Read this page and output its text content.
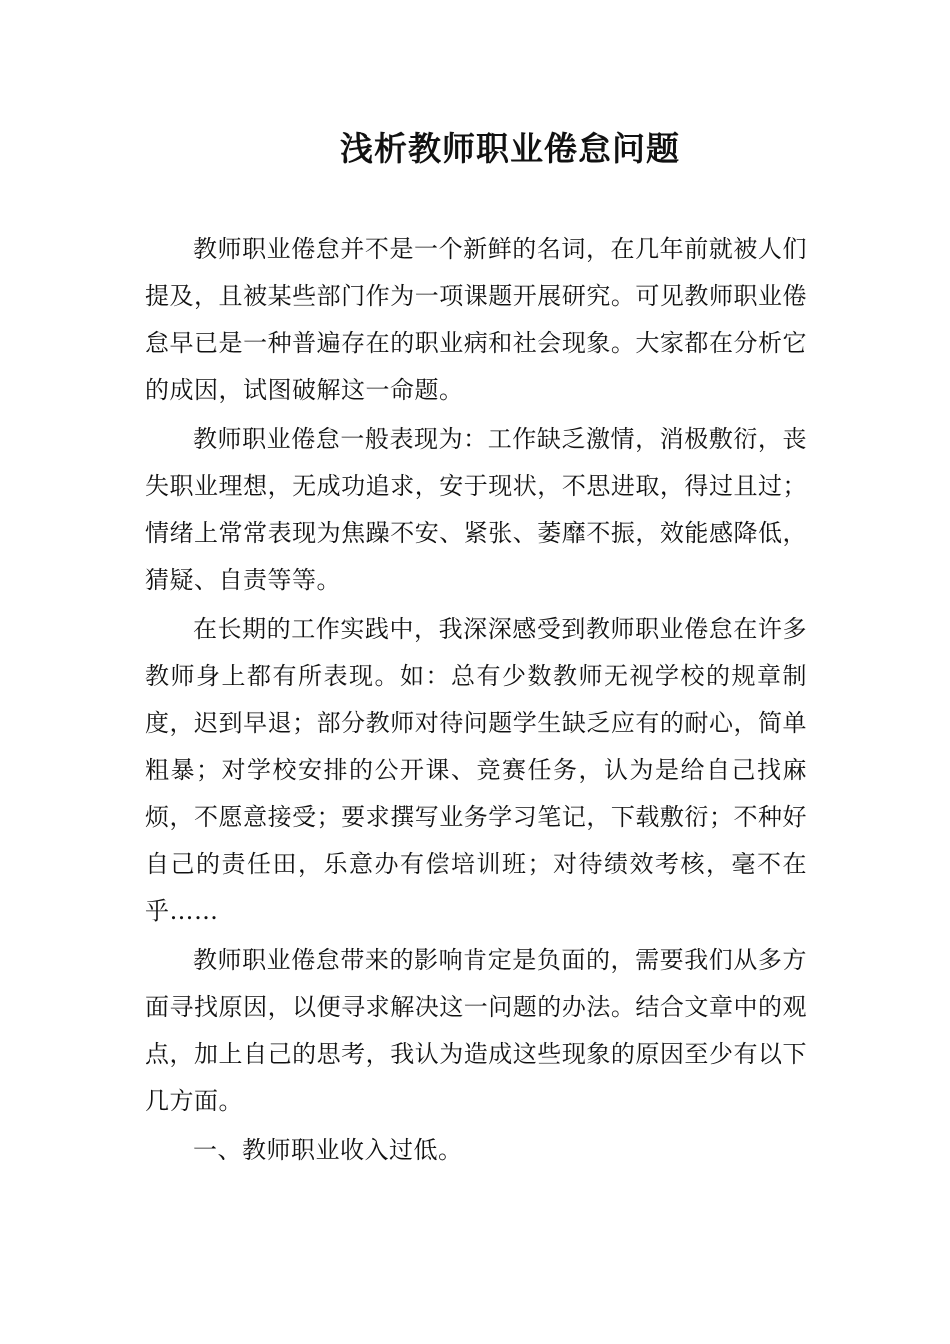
浅析教师职业倦怠问题

教师职业倦怠并不是一个新鲜的名词，在几年前就被人们提及，且被某些部门作为一项课题开展研究。可见教师职业倦怠早已是一种普遍存在的职业病和社会现象。大家都在分析它的成因，试图破解这一命题。

教师职业倦怠一般表现为：工作缺乏激情，消极敷衍，丧失职业理想，无成功追求，安于现状，不思进取，得过且过；情绪上常常表现为焦躁不安、紧张、萎靡不振，效能感降低，猜疑、自责等等。

在长期的工作实践中，我深深感受到教师职业倦怠在许多教师身上都有所表现。如：总有少数教师无视学校的规章制度，迟到早退；部分教师对待问题学生缺乏应有的耐心，简单粗暴；对学校安排的公开课、竞赛任务，认为是给自己找麻烦，不愿意接受；要求撰写业务学习笔记，下载敷衍；不种好自己的责任田，乐意办有偿培训班；对待绩效考核，毫不在乎……

教师职业倦怠带来的影响肯定是负面的，需要我们从多方面寻找原因，以便寻求解决这一问题的办法。结合文章中的观点，加上自己的思考，我认为造成这些现象的原因至少有以下几方面。

一、教师职业收入过低。
